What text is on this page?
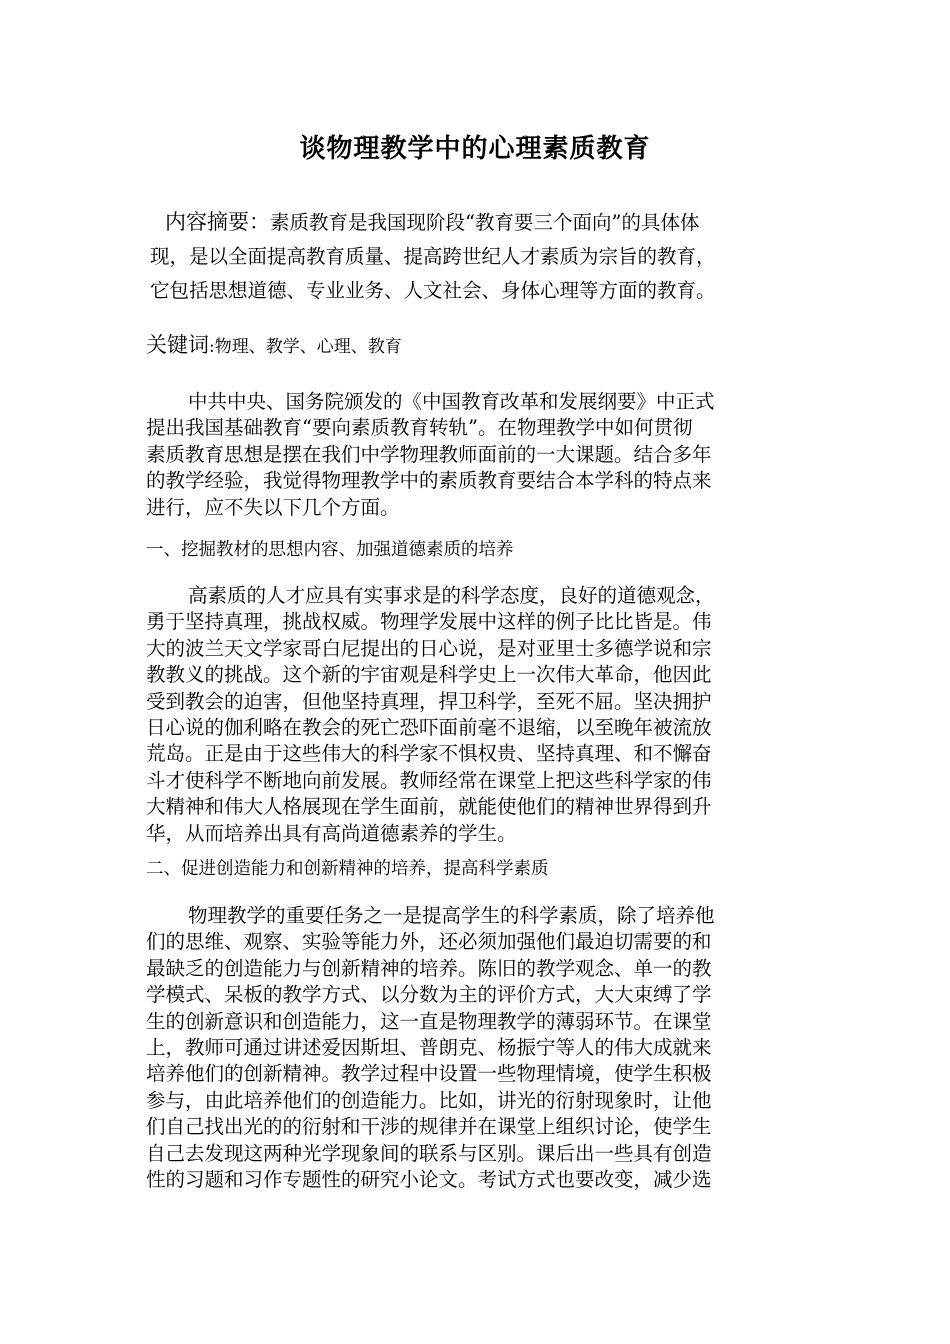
谈物理教学中的心理素质教育
内容摘要：素质教育是我国现阶段“教育要三个面向”的具体体
现，是以全面提高教育质量、提高跨世纪人才素质为宗旨的教育，
它包括思想道德、专业业务、人文社会、身体心理等方面的教育。
关键词:物理、教学、心理、教育
中共中央、国务院颁发的《中国教育改革和发展纲要》中正式
提出我国基础教育“要向素质教育转轨”。在物理教学中如何贯彻
素质教育思想是摆在我们中学物理教师面前的一大课题。结合多年
的教学经验，我觉得物理教学中的素质教育要结合本学科的特点来
进行，应不失以下几个方面。
一、挖掘教材的思想内容、加强道德素质的培养
高素质的人才应具有实事求是的科学态度，良好的道德观念，
勇于坚持真理，挑战权威。物理学发展中这样的例子比比皆是。伟
大的波兰天文学家哥白尼提出的日心说，是对亚里士多德学说和宗
教教义的挑战。这个新的宇宙观是科学史上一次伟大革命，他因此
受到教会的迫害，但他坚持真理，捍卫科学，至死不屈。坚决拥护
日心说的伽利略在教会的死亡恐吓面前毫不退缩，以至晚年被流放
荒岛。正是由于这些伟大的科学家不惧权贵、坚持真理、和不懈奋
斗才使科学不断地向前发展。教师经常在课堂上把这些科学家的伟
大精神和伟大人格展现在学生面前，就能使他们的精神世界得到升
华，从而培养出具有高尚道德素养的学生。
二、促进创造能力和创新精神的培养，提高科学素质
物理教学的重要任务之一是提高学生的科学素质，除了培养他
们的思维、观察、实验等能力外，还必须加强他们最迫切需要的和
最缺乏的创造能力与创新精神的培养。陈旧的教学观念、单一的教
学模式、呆板的教学方式、以分数为主的评价方式，大大束缚了学
生的创新意识和创造能力，这一直是物理教学的薄弱环节。在课堂
上，教师可通过讲述爱因斯坦、普朗克、杨振宁等人的伟大成就来
培养他们的创新精神。教学过程中设置一些物理情境，使学生积极
参与，由此培养他们的创造能力。比如，讲光的衍射现象时，让他
们自己找出光的的衍射和干涉的规律并在课堂上组织讨论，使学生
自己去发现这两种光学现象间的联系与区别。课后出一些具有创造
性的习题和习作专题性的研究小论文。考试方式也要改变，减少选
